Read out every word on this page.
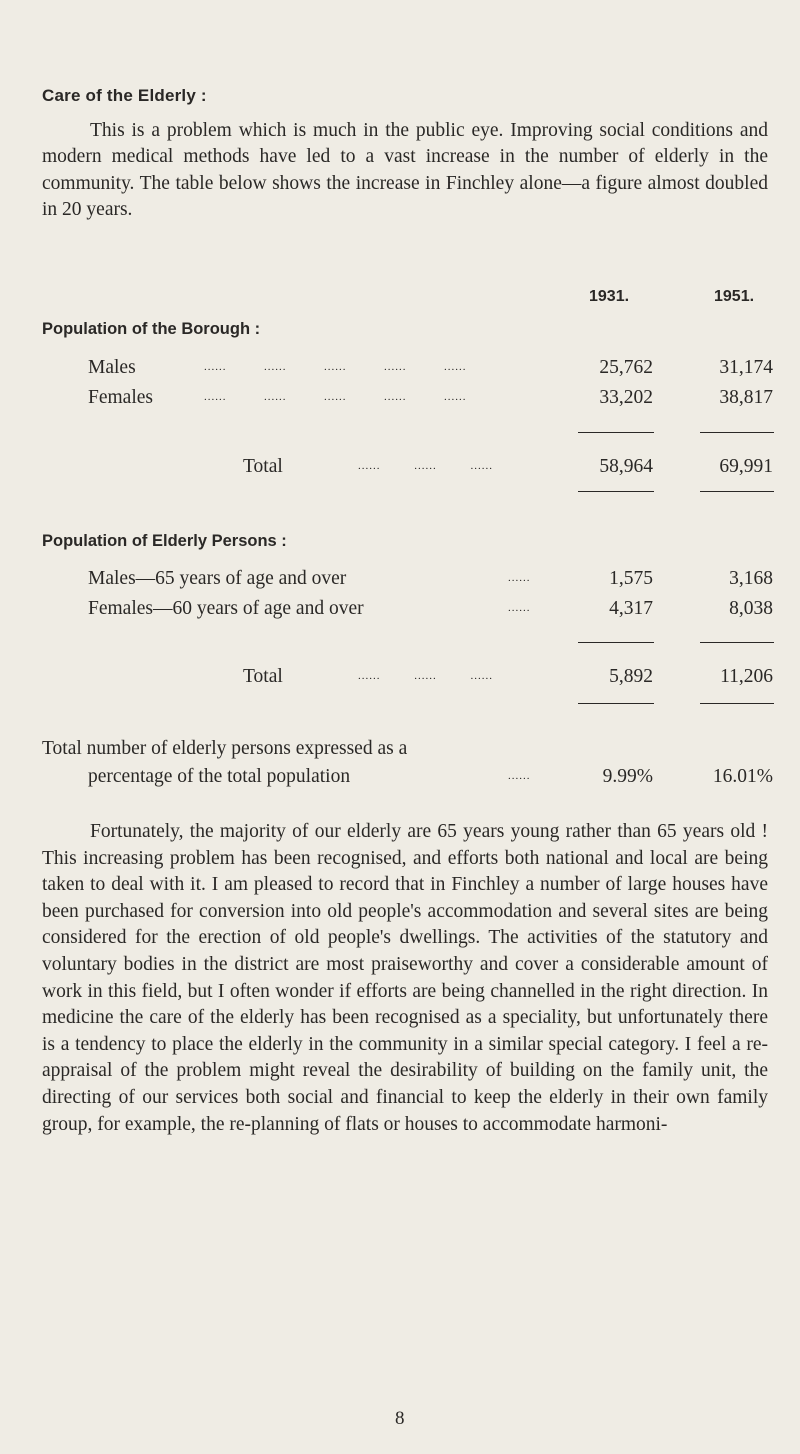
Care of the Elderly :

This is a problem which is much in the public eye. Improving social conditions and modern medical methods have led to a vast increase in the number of elderly in the community. The table below shows the increase in Finchley alone—a figure almost doubled in 20 years.

1931.	1951.
Population of the Borough :
Males	......          ......          ......          ......          ......	25,762	31,174
Females	......          ......          ......          ......          ......	33,202	38,817
Total	......         ......         ......	58,964	69,991
Population of Elderly Persons :
Males—65 years of age and over	......	1,575	3,168
Females—60 years of age and over	......	4,317	8,038
Total	......         ......         ......	5,892	11,206
Total number of elderly persons expressed as a
percentage of the total population	......	9.99%	16.01%

Fortunately, the majority of our elderly are 65 years young rather than 65 years old ! This increasing problem has been recognised, and efforts both national and local are being taken to deal with it. I am pleased to record that in Finchley a number of large houses have been purchased for conversion into old people's accommodation and several sites are being considered for the erection of old people's dwellings. The activities of the statutory and voluntary bodies in the district are most praiseworthy and cover a considerable amount of work in this field, but I often wonder if efforts are being channelled in the right direction. In medicine the care of the elderly has been recognised as a speciality, but unfortunately there is a tendency to place the elderly in the community in a similar special category. I feel a re-appraisal of the problem might reveal the desirability of building on the family unit, the directing of our services both social and financial to keep the elderly in their own family group, for example, the re-planning of flats or houses to accommodate harmoni-

8
